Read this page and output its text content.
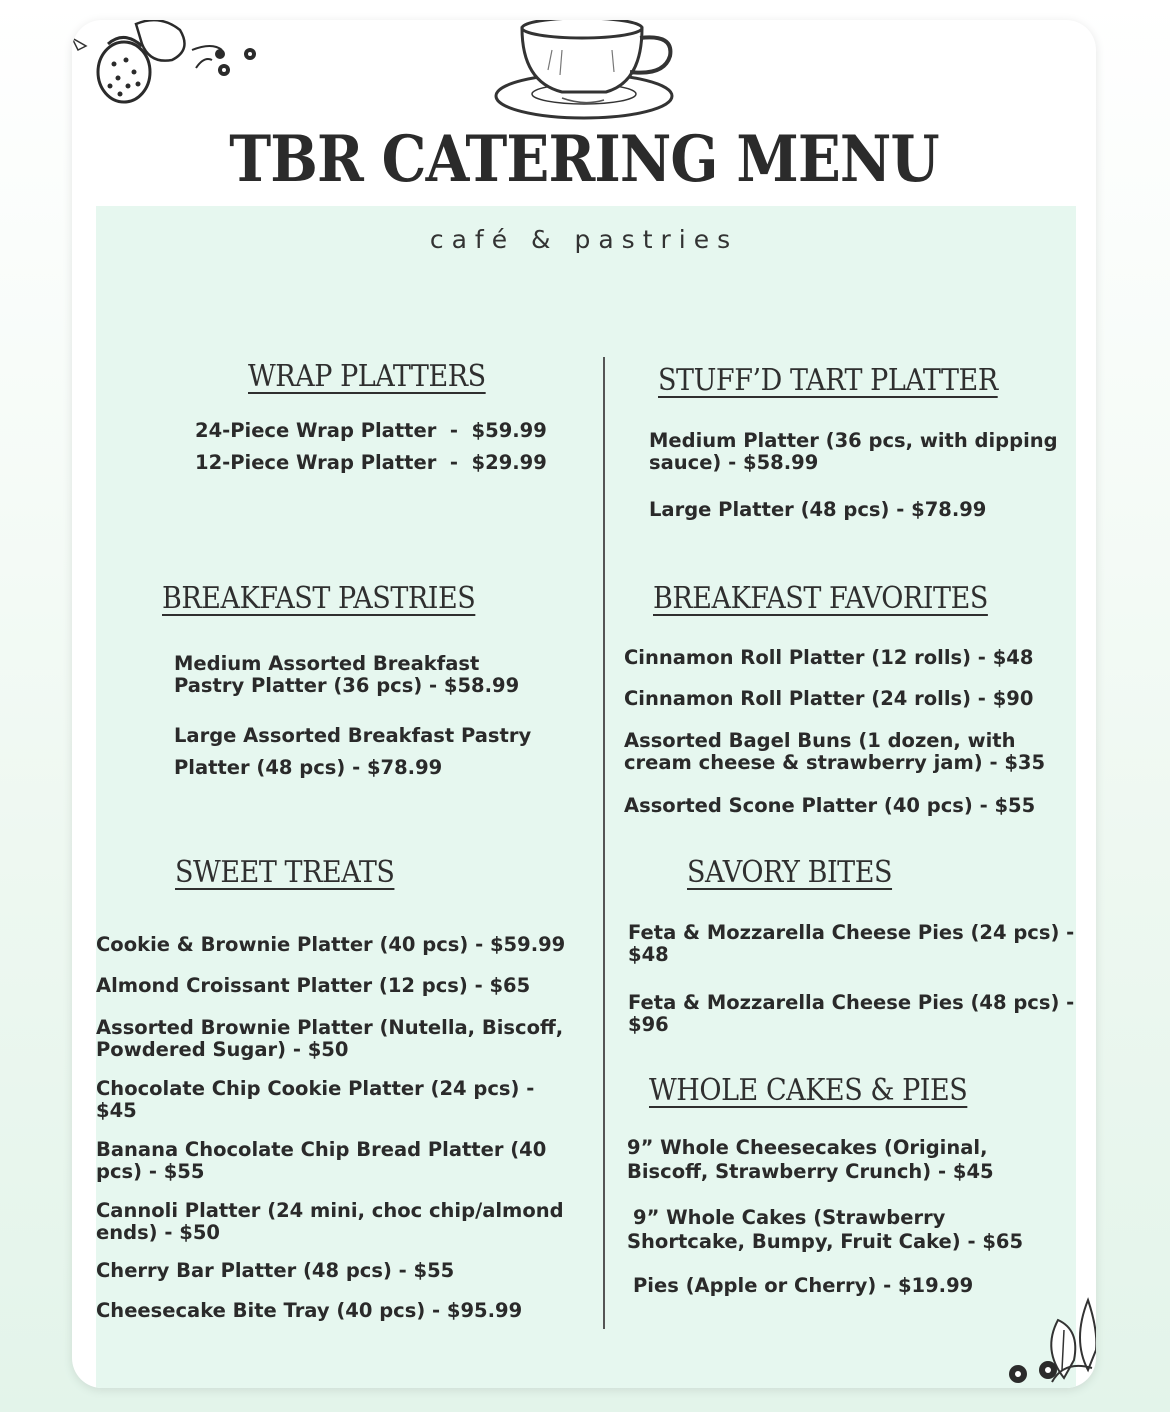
TBR CATERING MENU
café & pastries
WRAP PLATTERS
24-Piece Wrap Platter  -  $59.99
12-Piece Wrap Platter  -  $29.99
STUFF’D TART PLATTER
Medium Platter (36 pcs, with dipping sauce) - $58.99
Large Platter (48 pcs) - $78.99
BREAKFAST PASTRIES
Medium Assorted Breakfast Pastry Platter (36 pcs) - $58.99
Large Assorted Breakfast Pastry Platter (48 pcs) - $78.99
BREAKFAST FAVORITES
Cinnamon Roll Platter (12 rolls) - $48
Cinnamon Roll Platter (24 rolls) - $90
Assorted Bagel Buns (1 dozen, with cream cheese & strawberry jam) - $35
Assorted Scone Platter (40 pcs) - $55
SWEET TREATS
Cookie & Brownie Platter (40 pcs) - $59.99
Almond Croissant Platter (12 pcs) - $65
Assorted Brownie Platter (Nutella, Biscoff, Powdered Sugar) - $50
Chocolate Chip Cookie Platter (24 pcs) - $45
Banana Chocolate Chip Bread Platter (40 pcs) - $55
Cannoli Platter (24 mini, choc chip/almond ends) - $50
Cherry Bar Platter (48 pcs) - $55
Cheesecake Bite Tray (40 pcs) - $95.99
SAVORY BITES
Feta & Mozzarella Cheese Pies (24 pcs) - $48
Feta & Mozzarella Cheese Pies (48 pcs) - $96
WHOLE CAKES & PIES
9” Whole Cheesecakes (Original, Biscoff, Strawberry Crunch) - $45
9” Whole Cakes (Strawberry Shortcake, Bumpy, Fruit Cake) - $65
Pies (Apple or Cherry) - $19.99
